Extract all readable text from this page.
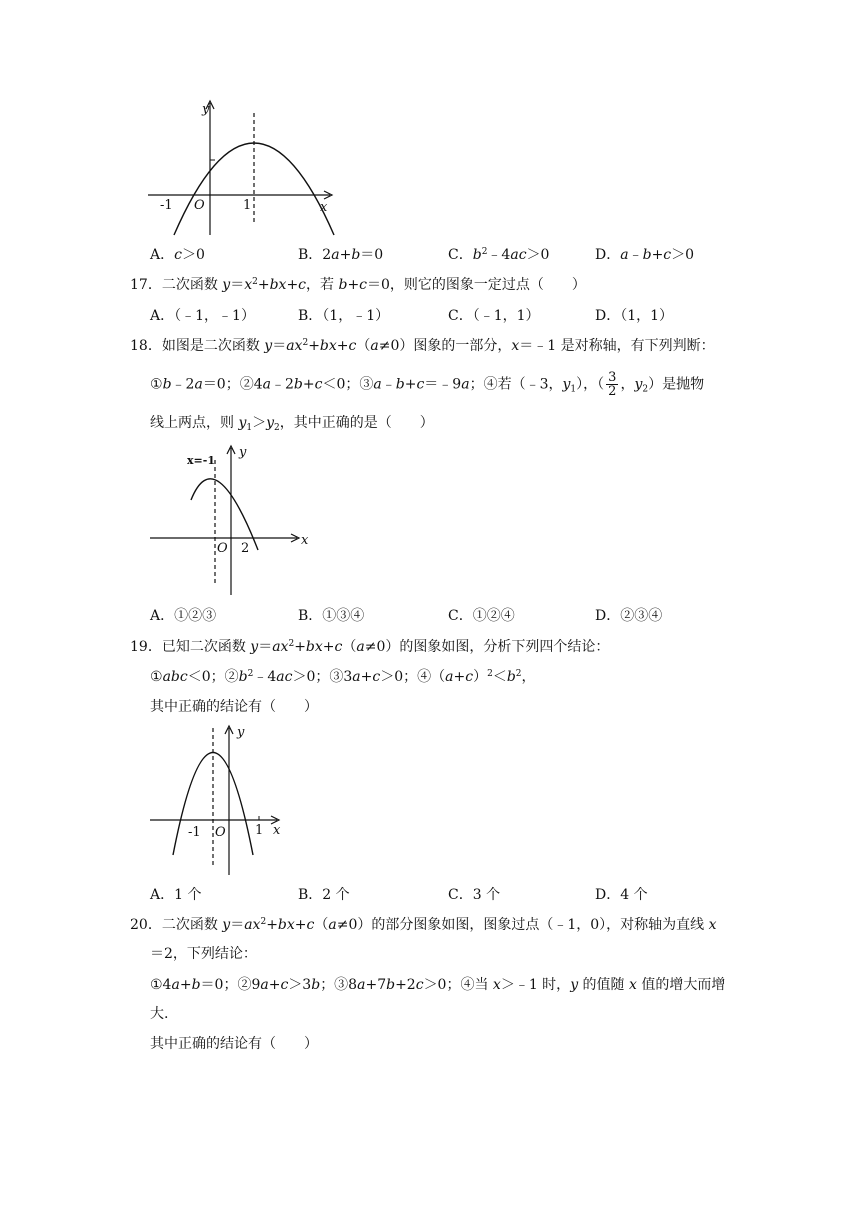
y
x
O
-1	1
A．c＞0	B．2a+b＝0	C．$b^2﹣4ac>0$	D．a﹣b+c＞0
17．二次函数 $y=x^2+bx+c$，若 b+c＝0，则它的图象一定过点（　　）
A．（﹣1，﹣1）	B．（1，﹣1）	C．（﹣1，1）	D．（1，1）
18．如图是二次函数 $y=ax^2+bx+c(a\ne 0)$图象的一部分，x＝﹣1 是对称轴，有下列判断：
①b﹣2a＝0；②4a﹣2b+c＜0；③a﹣b+c＝﹣9a；④若（﹣3，$y_1$），（ $\frac{3}{2}$ ，$y_2$）是抛物
线上两点，则 $y_1>y_2$，其中正确的是（　　）
x=-1
y
x
O 2
A．①②③	B．①③④	C．①②④	D．②③④
19．已知二次函数 $y=ax^2+bx+c(a\ne 0)$的图象如图，分析下列四个结论：
①abc＜0；$②b^2﹣4ac>0$；③3a+c＞0；$④(a+c)^2<b^2$，
其中正确的结论有（　　）
y
x
O
-1	1
A．1 个	B．2 个	C．3 个	D．4 个
20．二次函数 $y=ax^2+bx+c(a\ne 0)$的部分图象如图，图象过点（﹣1，0），对称轴为直线 x
＝2，下列结论：
①4a+b＝0；②9a+c＞3b；③8a+7b+2c＞0；④当 x＞﹣1 时，y 的值随 x 值的增大而增
大.
其中正确的结论有（　　）
